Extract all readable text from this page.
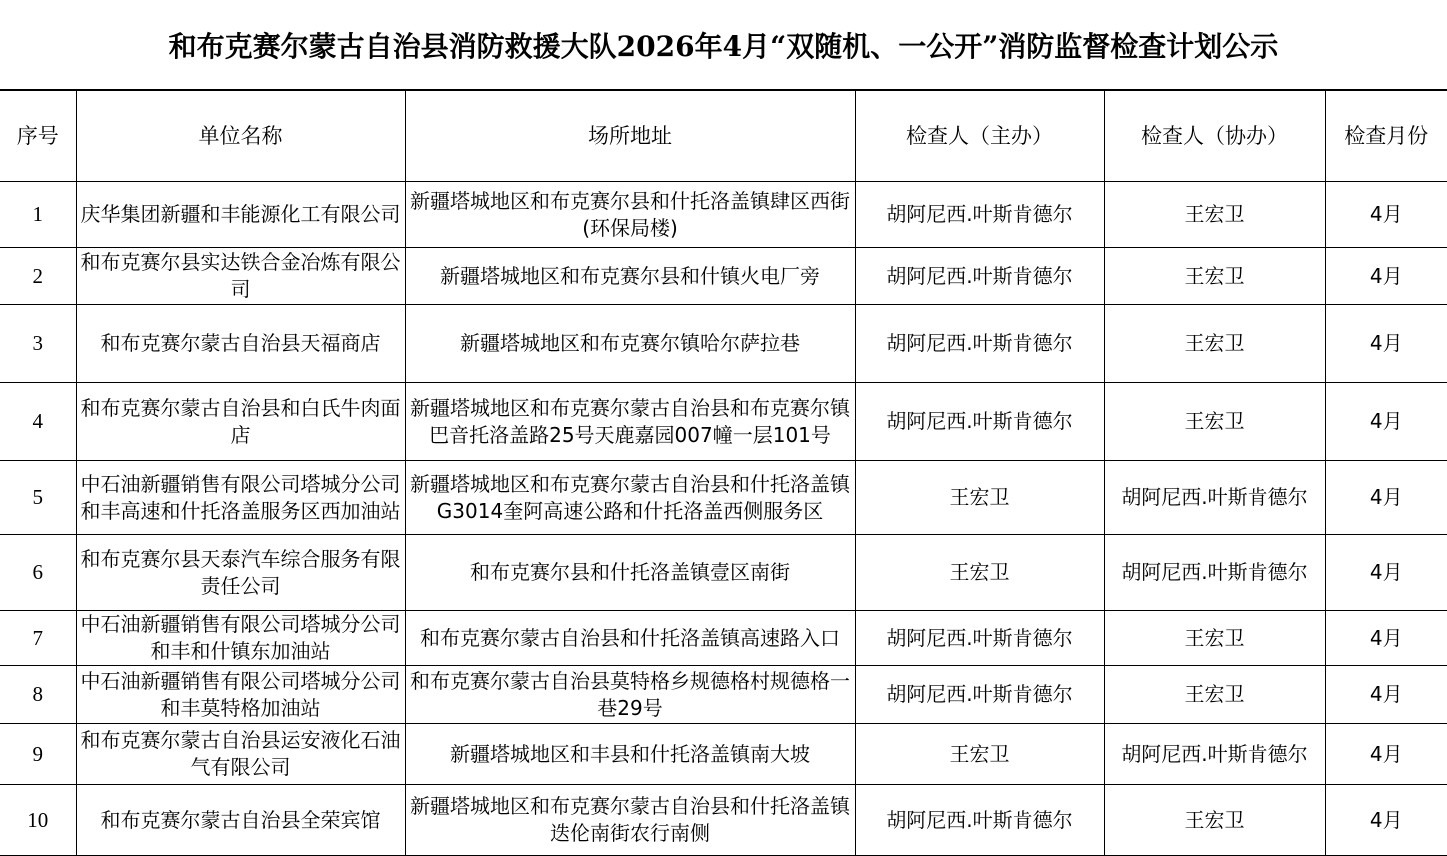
和布克赛尔蒙古自治县消防救援大队2026年4月“双随机、一公开”消防监督检查计划公示
序号	单位名称	场所地址	检查人（主办）	检查人（协办）	检查月份
1	庆华集团新疆和丰能源化工有限公司	新疆塔城地区和布克赛尔县和什托洛盖镇肆区西街(环保局楼)	胡阿尼西.叶斯肯德尔	王宏卫	4月
2	和布克赛尔县实达铁合金冶炼有限公司	新疆塔城地区和布克赛尔县和什镇火电厂旁	胡阿尼西.叶斯肯德尔	王宏卫	4月
3	和布克赛尔蒙古自治县天福商店	新疆塔城地区和布克赛尔镇哈尔萨拉巷	胡阿尼西.叶斯肯德尔	王宏卫	4月
4	和布克赛尔蒙古自治县和白氏牛肉面店	新疆塔城地区和布克赛尔蒙古自治县和布克赛尔镇巴音托洛盖路25号天鹿嘉园007幢一层101号	胡阿尼西.叶斯肯德尔	王宏卫	4月
5	中石油新疆销售有限公司塔城分公司和丰高速和什托洛盖服务区西加油站	新疆塔城地区和布克赛尔蒙古自治县和什托洛盖镇G3014奎阿高速公路和什托洛盖西侧服务区	王宏卫	胡阿尼西.叶斯肯德尔	4月
6	和布克赛尔县天泰汽车综合服务有限责任公司	和布克赛尔县和什托洛盖镇壹区南街	王宏卫	胡阿尼西.叶斯肯德尔	4月
7	中石油新疆销售有限公司塔城分公司和丰和什镇东加油站	和布克赛尔蒙古自治县和什托洛盖镇高速路入口	胡阿尼西.叶斯肯德尔	王宏卫	4月
8	中石油新疆销售有限公司塔城分公司和丰莫特格加油站	和布克赛尔蒙古自治县莫特格乡规德格村规德格一巷29号	胡阿尼西.叶斯肯德尔	王宏卫	4月
9	和布克赛尔蒙古自治县运安液化石油气有限公司	新疆塔城地区和丰县和什托洛盖镇南大坡	王宏卫	胡阿尼西.叶斯肯德尔	4月
10	和布克赛尔蒙古自治县全荣宾馆	新疆塔城地区和布克赛尔蒙古自治县和什托洛盖镇迭伦南街农行南侧	胡阿尼西.叶斯肯德尔	王宏卫	4月
